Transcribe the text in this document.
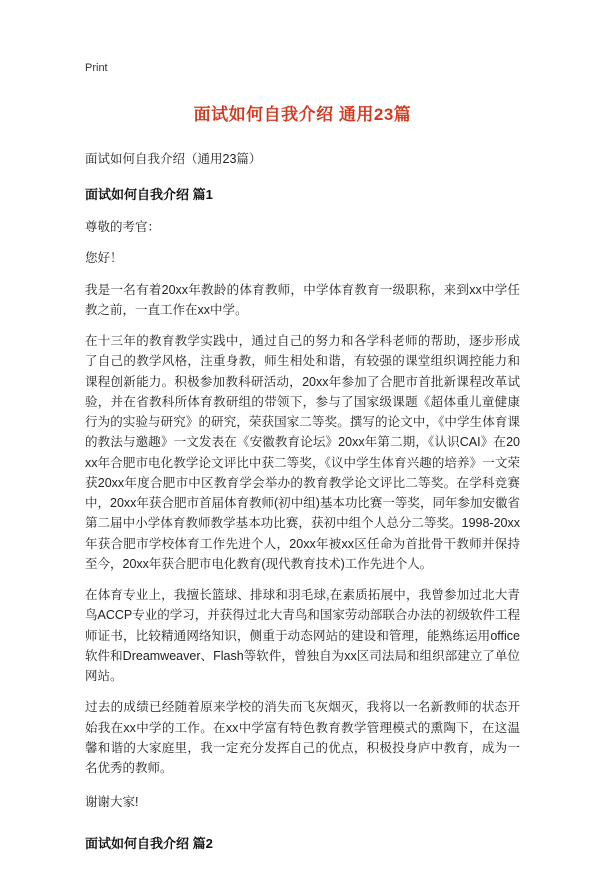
Print
面试如何自我介绍 通用23篇

面试如何自我介绍（通用23篇）

面试如何自我介绍 篇1

尊敬的考官：

您好！

我是一名有着20xx年教龄的体育教师，中学体育教育一级职称，来到xx中学任教之前，一直工作在xx中学。

在十三年的教育教学实践中，通过自己的努力和各学科老师的帮助，逐步形成了自己的教学风格，注重身教，师生相处和谐，有较强的课堂组织调控能力和课程创新能力。积极参加教科研活动，20xx年参加了合肥市首批新课程改革试验，并在省教科所体育教研组的带领下，参与了国家级课题《超体重儿童健康行为的实验与研究》的研究，荣获国家二等奖。撰写的论文中，《中学生体育课的教法与邀趣》一文发表在《安徽教育论坛》20xx年第二期，《认识CAI》在20xx年合肥市电化教学论文评比中获二等奖，《议中学生体育兴趣的培养》一文荣获20xx年度合肥市中区教育学会举办的教育教学论文评比二等奖。在学科竞赛中，20xx年获合肥市首届体育教师(初中组)基本功比赛一等奖，同年参加安徽省第二届中小学体育教师教学基本功比赛，获初中组个人总分二等奖。1998-20xx年获合肥市学校体育工作先进个人，20xx年被xx区任命为首批骨干教师并保持至今，20xx年获合肥市电化教育(现代教育技术)工作先进个人。

在体育专业上，我擅长篮球、排球和羽毛球,在素质拓展中，我曾参加过北大青鸟ACCP专业的学习，并获得过北大青鸟和国家劳动部联合办法的初级软件工程师证书，比较精通网络知识，侧重于动态网站的建设和管理，能熟练运用office软件和Dreamweaver、Flash等软件，曾独自为xx区司法局和组织部建立了单位网站。

过去的成绩已经随着原来学校的消失而飞灰烟灭，我将以一名新教师的状态开始我在xx中学的工作。在xx中学富有特色教育教学管理模式的熏陶下，在这温馨和谐的大家庭里，我一定充分发挥自己的优点，积极投身庐中教育，成为一名优秀的教师。

谢谢大家!

面试如何自我介绍 篇2
